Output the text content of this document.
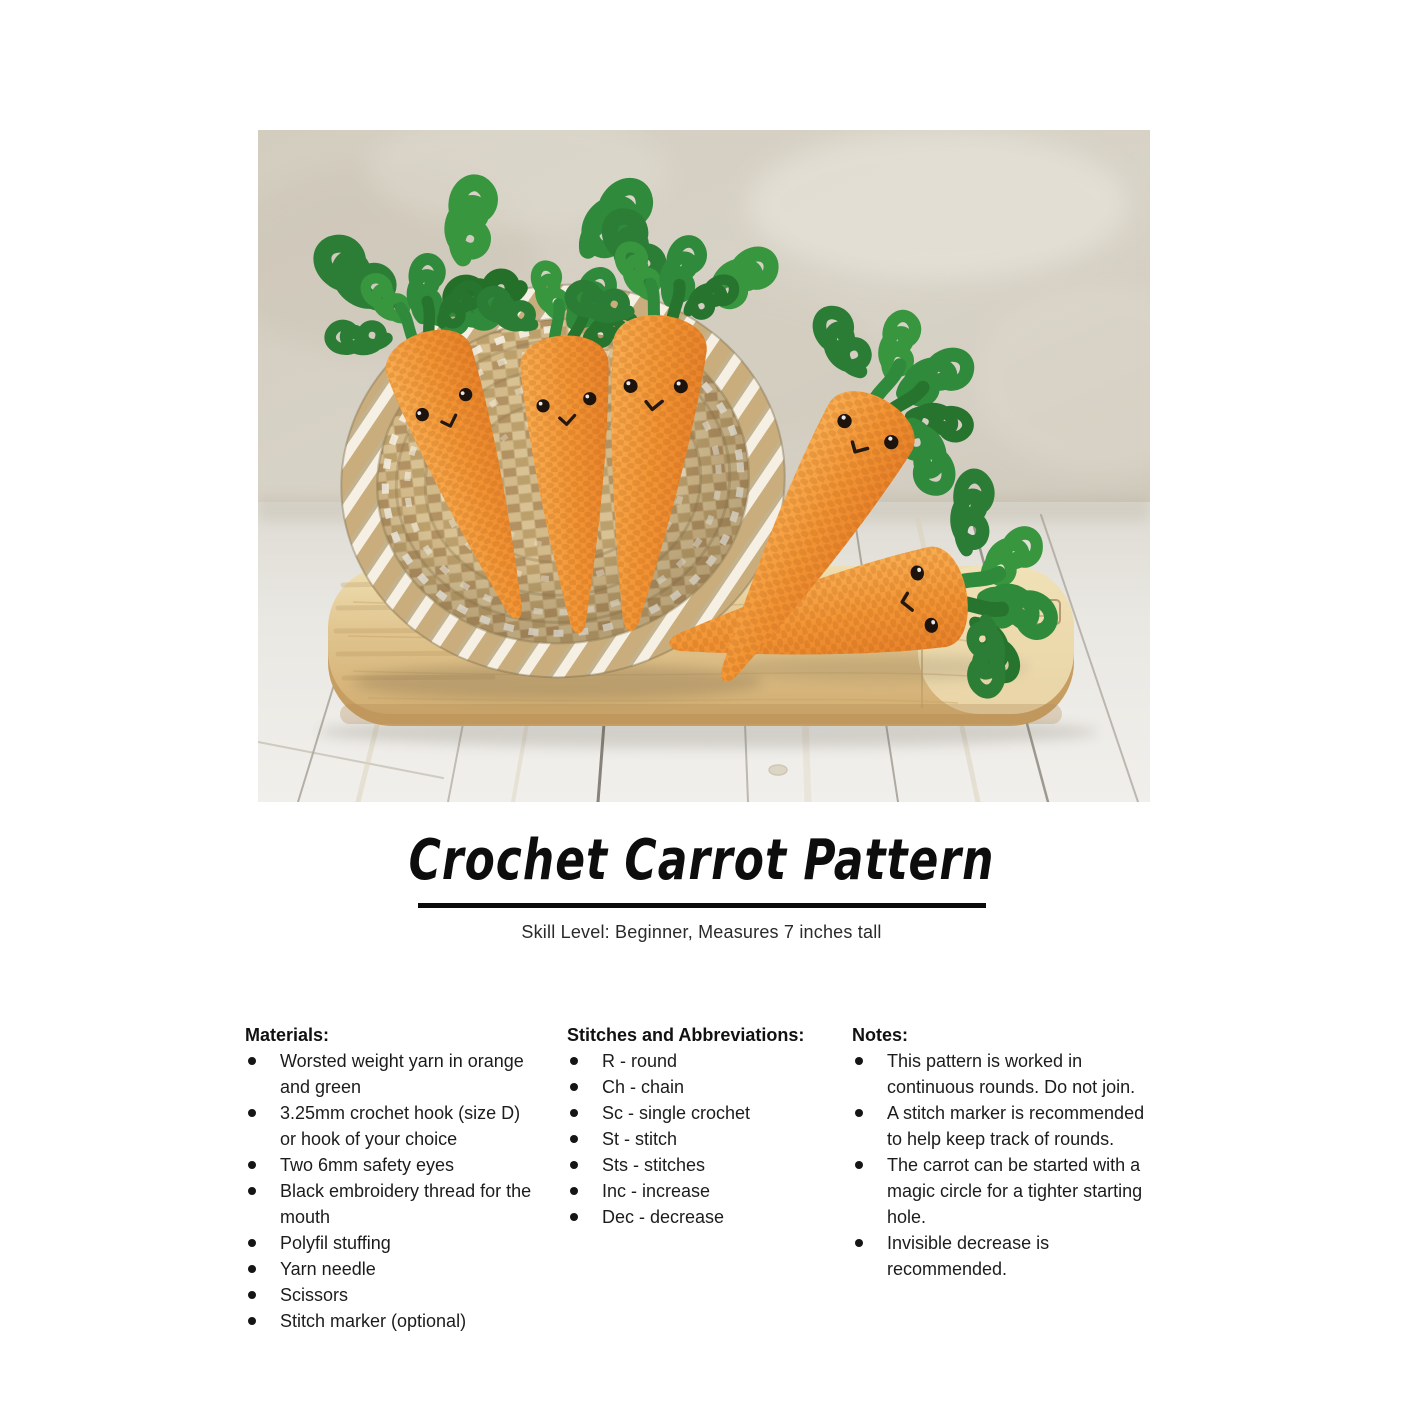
Crochet Carrot Pattern

Skill Level: Beginner, Measures 7 inches tall

Materials:
Worsted weight yarn in orange
and green
3.25mm crochet hook (size D)
or hook of your choice
Two 6mm safety eyes
Black embroidery thread for the
mouth
Polyfil stuffing
Yarn needle
Scissors
Stitch marker (optional)
Stitches and Abbreviations:
R - round
Ch - chain
Sc - single crochet
St - stitch
Sts - stitches
Inc - increase
Dec - decrease
Notes:
This pattern is worked in
continuous rounds. Do not join.
A stitch marker is recommended
to help keep track of rounds.
The carrot can be started with a
magic circle for a tighter starting
hole.
Invisible decrease is
recommended.
